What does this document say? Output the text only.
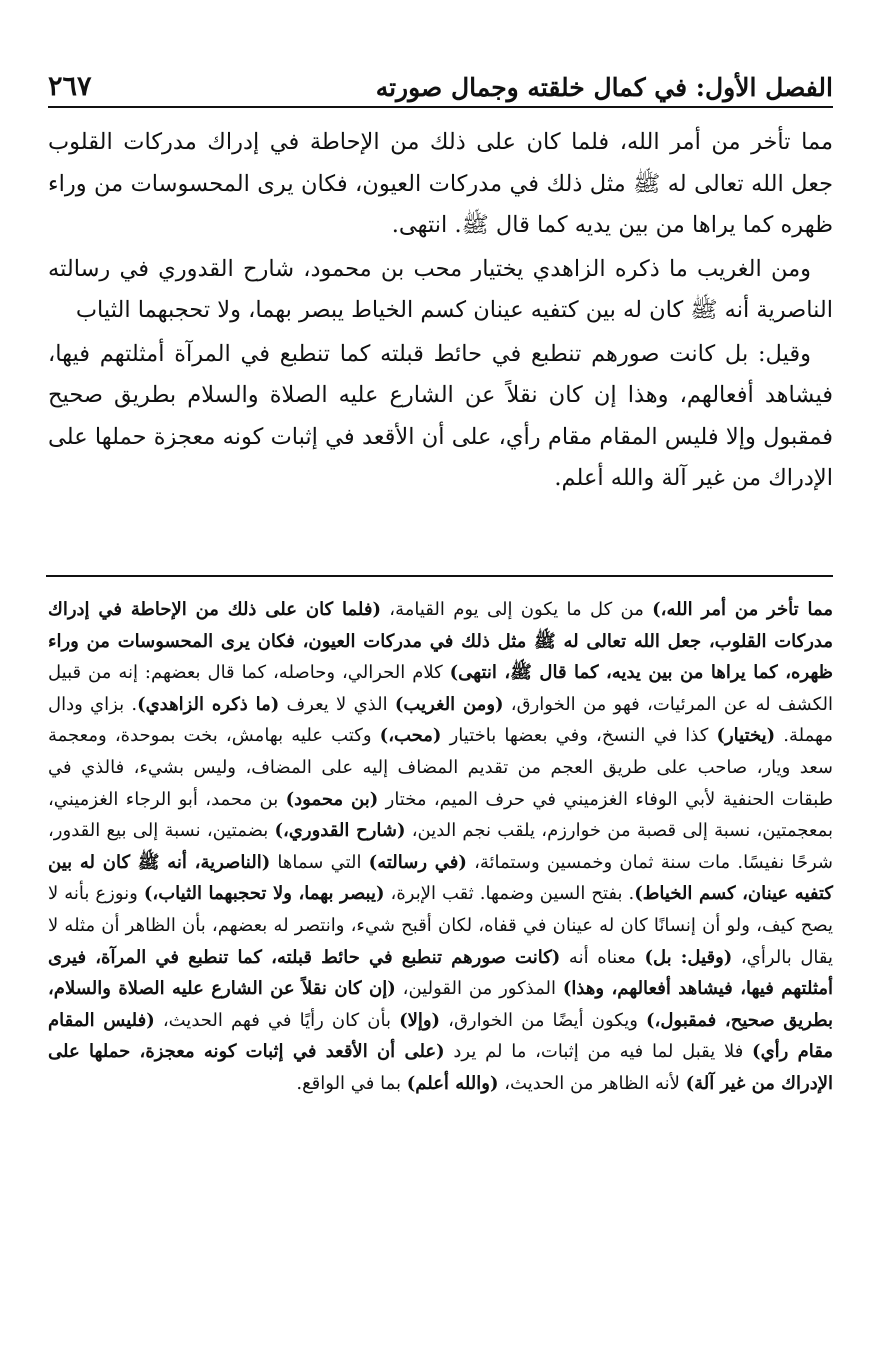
الفصل الأول: في كمال خلقته وجمال صورته
٢٦٧

مما تأخر من أمر الله، فلما كان على ذلك من الإحاطة في إدراك مدركات القلوب جعل الله تعالى له ﷺ مثل ذلك في مدركات العيون، فكان يرى المحسوسات من وراء ظهره كما يراها من بين يديه كما قال ﷺ. انتهى.

ومن الغريب ما ذكره الزاهدي يختيار محب بن محمود، شارح القدوري في رسالته الناصرية أنه ﷺ كان له بين كتفيه عينان كسم الخياط يبصر بهما، ولا تحجبهما الثياب

وقيل: بل كانت صورهم تنطبع في حائط قبلته كما تنطبع في المرآة أمثلتهم فيها، فيشاهد أفعالهم، وهذا إن كان نقلاً عن الشارع عليه الصلاة والسلام بطريق صحيح فمقبول وإلا فليس المقام مقام رأي، على أن الأقعد في إثبات كونه معجزة حملها على الإدراك من غير آلة والله أعلم.

مما تأخر من أمر الله،) من كل ما يكون إلى يوم القيامة، (فلما كان على ذلك من الإحاطة في إدراك مدركات القلوب، جعل الله تعالى له ﷺ مثل ذلك في مدركات العيون، فكان يرى المحسوسات من وراء ظهره، كما يراها من بين يديه، كما قال ﷺ، انتهى) كلام الحرالي، وحاصله، كما قال بعضهم: إنه من قبيل الكشف له عن المرئيات، فهو من الخوارق، (ومن الغريب) الذي لا يعرف (ما ذكره الزاهدي). بزاي ودال مهملة. (يختيار) كذا في النسخ، وفي بعضها باختيار (محب،) وكتب عليه بهامش، بخت بموحدة، ومعجمة سعد ويار، صاحب على طريق العجم من تقديم المضاف إليه على المضاف، وليس بشيء، فالذي في طبقات الحنفية لأبي الوفاء الغزميني في حرف الميم، مختار (بن محمود) بن محمد، أبو الرجاء الغزميني، بمعجمتين، نسبة إلى قصبة من خوارزم، يلقب نجم الدين، (شارح القدوري،) بضمتين، نسبة إلى بيع القدور، شرحًا نفيسًا. مات سنة ثمان وخمسين وستمائة، (في رسالته) التي سماها (الناصرية، أنه ﷺ كان له بين كتفيه عينان، كسم الخياط). بفتح السين وضمها. ثقب الإبرة، (يبصر بهما، ولا تحجبهما الثياب،) ونوزع بأنه لا يصح كيف، ولو أن إنسانًا كان له عينان في قفاه، لكان أقبح شيء، وانتصر له بعضهم، بأن الظاهر أن مثله لا يقال بالرأي، (وقيل: بل) معناه أنه (كانت صورهم تنطبع في حائط قبلته، كما تنطبع في المرآة، فيرى أمثلتهم فيها، فيشاهد أفعالهم، وهذا) المذكور من القولين، (إن كان نقلاً عن الشارع عليه الصلاة والسلام، بطريق صحيح، فمقبول،) ويكون أيضًا من الخوارق، (وإلا) بأن كان رأيًا في فهم الحديث، (فليس المقام مقام رأي) فلا يقبل لما فيه من إثبات، ما لم يرد (على أن الأقعد في إثبات كونه معجزة، حملها على الإدراك من غير آلة) لأنه الظاهر من الحديث، (والله أعلم) بما في الواقع.
